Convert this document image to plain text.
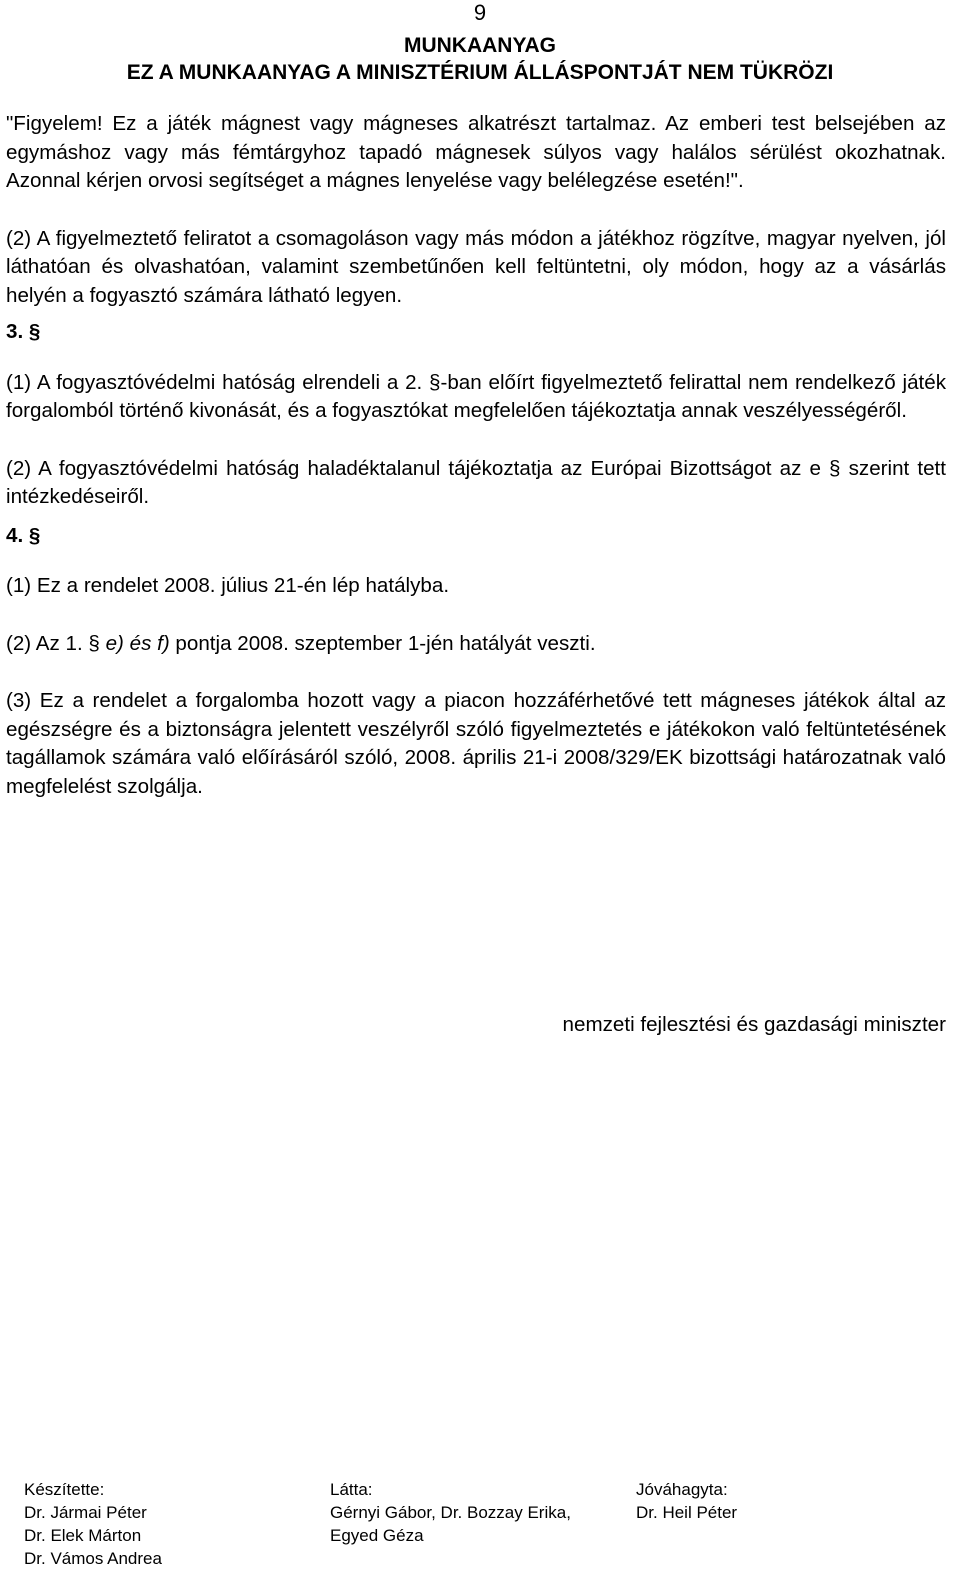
9
MUNKAANYAG
EZ A MUNKAANYAG A MINISZTÉRIUM ÁLLÁSPONTJÁT NEM TÜKRÖZI

"Figyelem! Ez a játék mágnest vagy mágneses alkatrészt tartalmaz. Az emberi test belsejében az egymáshoz vagy más fémtárgyhoz tapadó mágnesek súlyos vagy halálos sérülést okozhatnak. Azonnal kérjen orvosi segítséget a mágnes lenyelése vagy belélegzése esetén!".

(2) A figyelmeztető feliratot a csomagoláson vagy más módon a játékhoz rögzítve, magyar nyelven, jól láthatóan és olvashatóan, valamint szembetűnően kell feltüntetni, oly módon, hogy az a vásárlás helyén a fogyasztó számára látható legyen.

3. §

(1) A fogyasztóvédelmi hatóság elrendeli a 2. §-ban előírt figyelmeztető felirattal nem rendelkező játék forgalomból történő kivonását, és a fogyasztókat megfelelően tájékoztatja annak veszélyességéről.

(2) A fogyasztóvédelmi hatóság haladéktalanul tájékoztatja az Európai Bizottságot az e § szerint tett intézkedéseiről.

4. §

(1) Ez a rendelet 2008. július 21-én lép hatályba.

(2) Az 1. § e) és f) pontja 2008. szeptember 1-jén hatályát veszti.

(3) Ez a rendelet a forgalomba hozott vagy a piacon hozzáférhetővé tett mágneses játékok által az egészségre és a biztonságra jelentett veszélyről szóló figyelmeztetés e játékokon való feltüntetésének tagállamok számára való előírásáról szóló, 2008. április 21-i 2008/329/EK bizottsági határozatnak való megfelelést szolgálja.

nemzeti fejlesztési és gazdasági miniszter
Készítette:
Dr. Jármai Péter
Dr. Elek Márton
Dr. Vámos Andrea
Látta:
Gérnyi Gábor, Dr. Bozzay Erika,
Egyed Géza
Jóváhagyta:
Dr. Heil Péter
